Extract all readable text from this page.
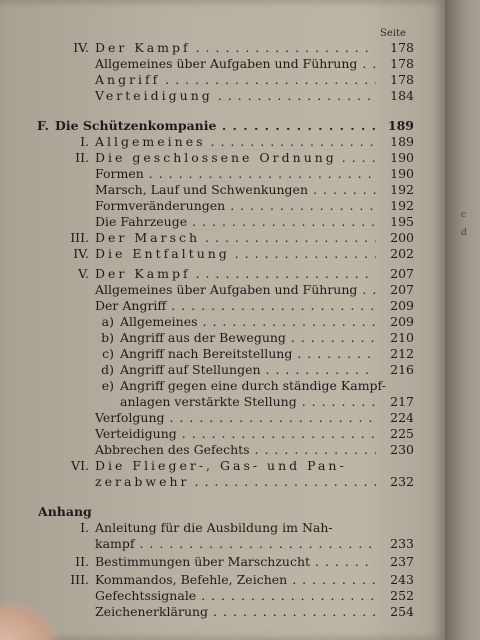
Seite
IV. Der Kampf . . .	178
Allgemeines über Aufgaben und Führung . . .	178
Angriff . . .	178
Verteidigung . . .	184
F. Die Schützenkompanie . . .	189
I. Allgemeines . . .	189
II. Die geschlossene Ordnung . . .	190
Formen . . .	190
Marsch, Lauf und Schwenkungen . . .	192
Formveränderungen . . .	192
Die Fahrzeuge . . .	195
III. Der Marsch . . .	200
IV. Die Entfaltung . . .	202
V. Der Kampf . . .	207
Allgemeines über Aufgaben und Führung . . .	207
Der Angriff . . .	209
a) Allgemeines . . .	209
b) Angriff aus der Bewegung . . .	210
c) Angriff nach Bereitstellung . . .	212
d) Angriff auf Stellungen . . .	216
e) Angriff gegen eine durch ständige Kampf-
anlagen verstärkte Stellung . . .	217
Verfolgung . . .	224
Verteidigung . . .	225
Abbrechen des Gefechts . . .	230
VI. Die Flieger-, Gas- und Pan-
zerabwehr . . .	232
Anhang
I. Anleitung für die Ausbildung im Nah-
kampf . . .	233
II. Bestimmungen über Marschzucht . . .	237
III. Kommandos, Befehle, Zeichen . . .	243
Gefechtssignale . . .	252
Zeichenerklärung . . .	254
c
d
